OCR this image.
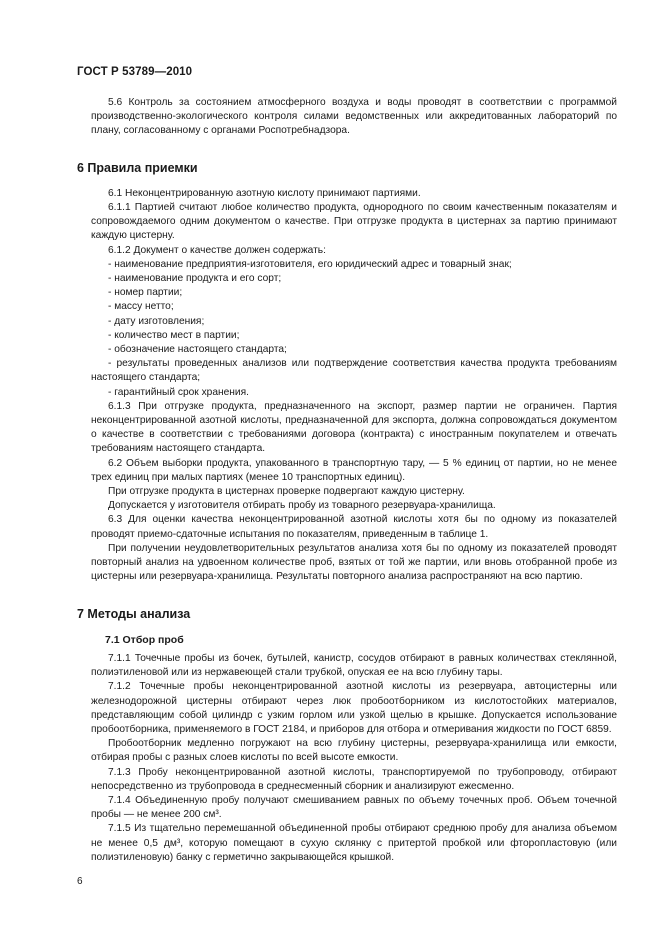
ГОСТ Р 53789—2010

5.6 Контроль за состоянием атмосферного воздуха и воды проводят в соответствии с программой производственно-экологического контроля силами ведомственных или аккредитованных лабораторий по плану, согласованному с органами Роспотребнадзора.

6 Правила приемки

6.1 Неконцентрированную азотную кислоту принимают партиями.

6.1.1 Партией считают любое количество продукта, однородного по своим качественным показателям и сопровождаемого одним документом о качестве. При отгрузке продукта в цистернах за партию принимают каждую цистерну.

6.1.2 Документ о качестве должен содержать:

- наименование предприятия-изготовителя, его юридический адрес и товарный знак;

- наименование продукта и его сорт;

- номер партии;

- массу нетто;

- дату изготовления;

- количество мест в партии;

- обозначение настоящего стандарта;

- результаты проведенных анализов или подтверждение соответствия качества продукта требованиям настоящего стандарта;

- гарантийный срок хранения.

6.1.3 При отгрузке продукта, предназначенного на экспорт, размер партии не ограничен. Партия неконцентрированной азотной кислоты, предназначенной для экспорта, должна сопровождаться документом о качестве в соответствии с требованиями договора (контракта) с иностранным покупателем и отвечать требованиям настоящего стандарта.

6.2 Объем выборки продукта, упакованного в транспортную тару, — 5 % единиц от партии, но не менее трех единиц при малых партиях (менее 10 транспортных единиц).

При отгрузке продукта в цистернах проверке подвергают каждую цистерну.

Допускается у изготовителя отбирать пробу из товарного резервуара-хранилища.

6.3 Для оценки качества неконцентрированной азотной кислоты хотя бы по одному из показателей проводят приемо-сдаточные испытания по показателям, приведенным в таблице 1.

При получении неудовлетворительных результатов анализа хотя бы по одному из показателей проводят повторный анализ на удвоенном количестве проб, взятых от той же партии, или вновь отобранной пробе из цистерны или резервуара-хранилища. Результаты повторного анализа распространяют на всю партию.

7 Методы анализа
7.1 Отбор проб

7.1.1 Точечные пробы из бочек, бутылей, канистр, сосудов отбирают в равных количествах стеклянной, полиэтиленовой или из нержавеющей стали трубкой, опуская ее на всю глубину тары.

7.1.2 Точечные пробы неконцентрированной азотной кислоты из резервуара, автоцистерны или железнодорожной цистерны отбирают через люк пробоотборником из кислотостойких материалов, представляющим собой цилиндр с узким горлом или узкой щелью в крышке. Допускается использование пробоотборника, применяемого в ГОСТ 2184, и приборов для отбора и отмеривания жидкости по ГОСТ 6859.

Пробоотборник медленно погружают на всю глубину цистерны, резервуара-хранилища или емкости, отбирая пробы с разных слоев кислоты по всей высоте емкости.

7.1.3 Пробу неконцентрированной азотной кислоты, транспортируемой по трубопроводу, отбирают непосредственно из трубопровода в среднесменный сборник и анализируют ежесменно.

7.1.4 Объединенную пробу получают смешиванием равных по объему точечных проб. Объем точечной пробы — не менее 200 см³.

7.1.5 Из тщательно перемешанной объединенной пробы отбирают среднюю пробу для анализа объемом не менее 0,5 дм³, которую помещают в сухую склянку с притертой пробкой или фторопластовую (или полиэтиленовую) банку с герметично закрывающейся крышкой.

6
